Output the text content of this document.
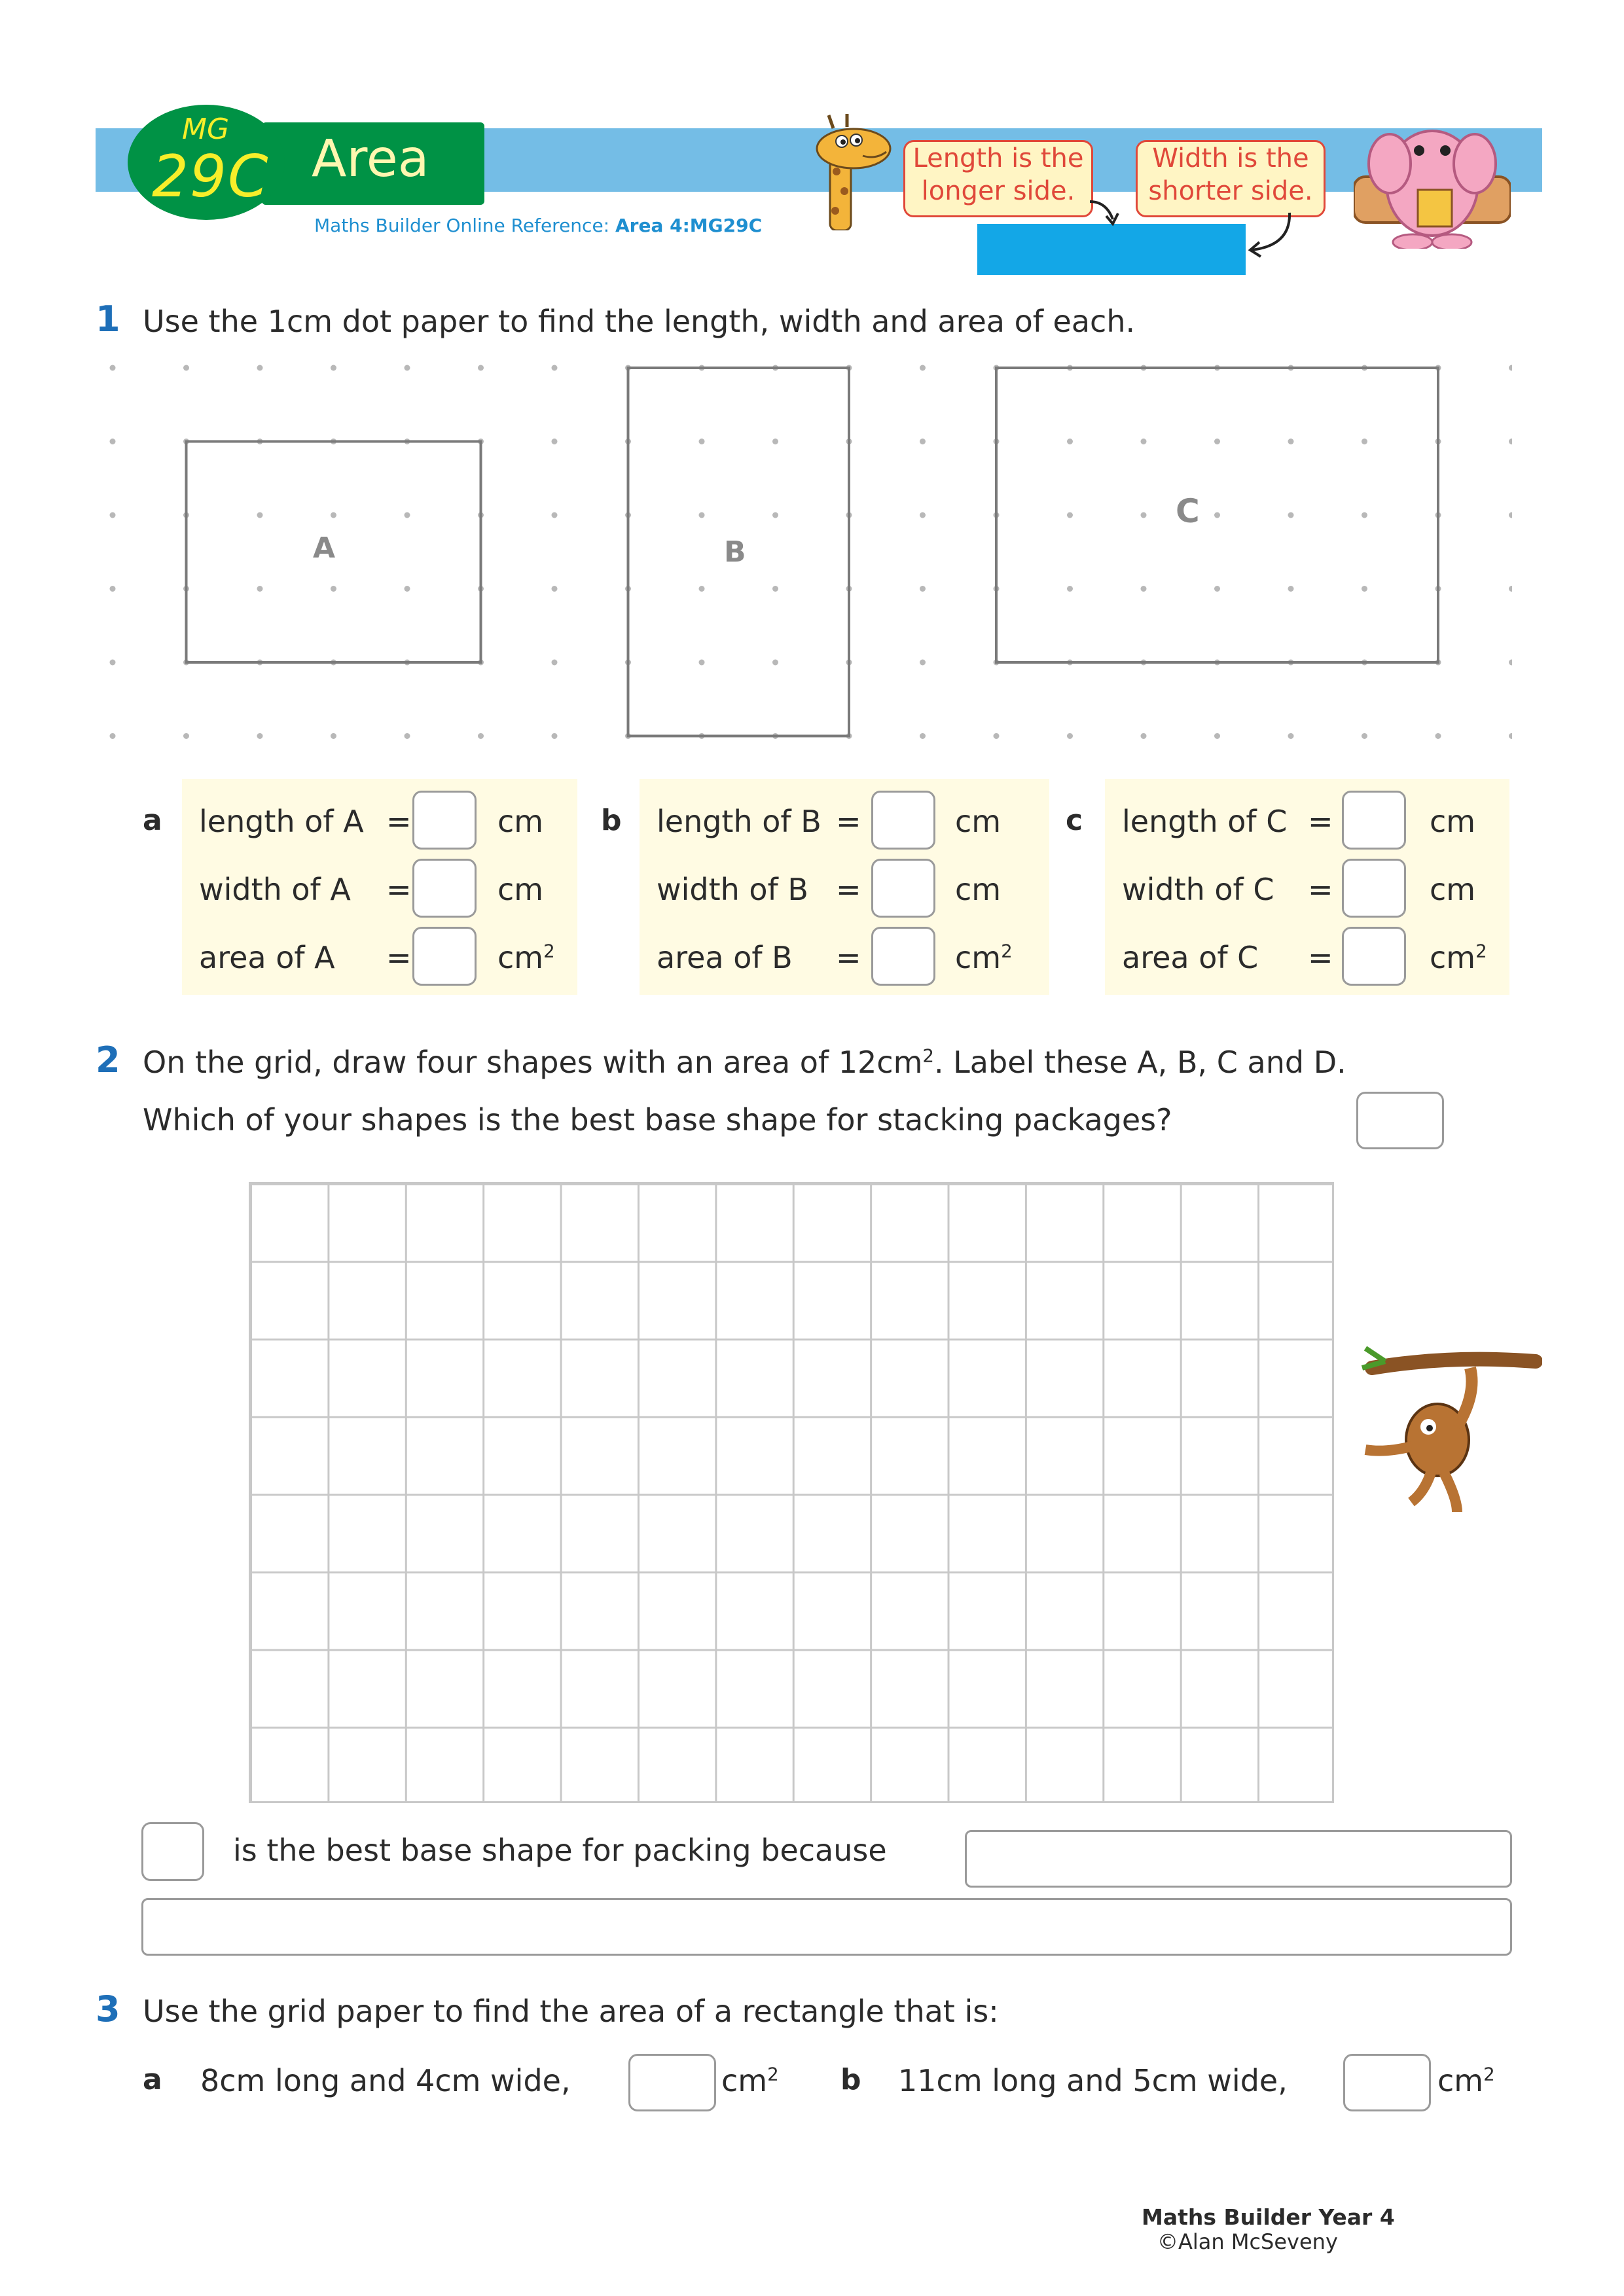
MG
29C Area
Maths Builder Online Reference: Area 4:MG29C
Length is the longer side.
Width is the shorter side.
1 Use the 1cm dot paper to find the length, width and area of each.
A	B
C
a length of A =	cm
width of A =	cm
area of A =	$cm^2$
b length of B =	cm
width of B =	cm
area of B =	$cm^2$
c length of C =	cm
width of C =	cm
area of C =	$cm^2$
2 On the grid, draw four shapes with an area of $12cm^2$. Label these A, B, C and D.
Which of your shapes is the best base shape for stacking packages?
is the best base shape for packing because
3 Use the grid paper to find the area of a rectangle that is:
a 8cm long and 4cm wide,	$cm^2$ b 11cm long and 5cm wide,	$cm^2$
Maths Builder Year 4
©Alan McSeveny
